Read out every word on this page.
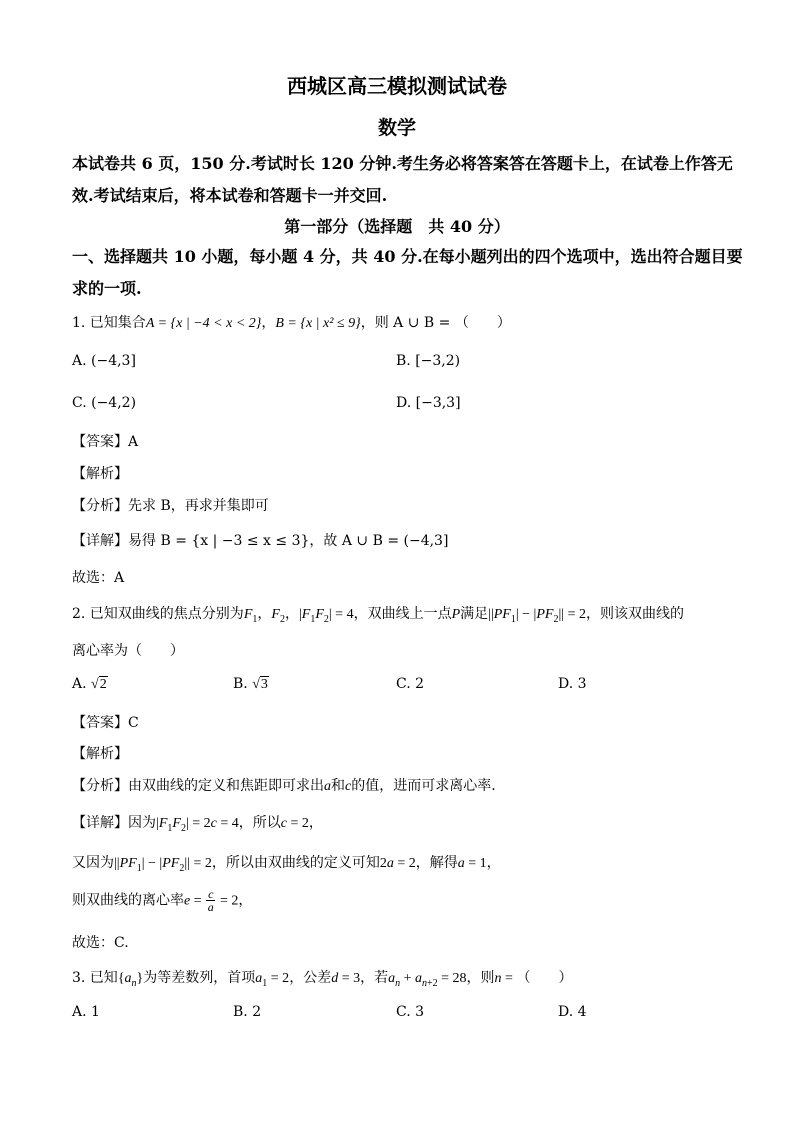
西城区高三模拟测试试卷
数学
本试卷共 6 页，150 分.考试时长 120 分钟.考生务必将答案答在答题卡上，在试卷上作答无
效.考试结束后，将本试卷和答题卡一并交回.
第一部分（选择题　共 40 分）
一、选择题共 10 小题，每小题 4 分，共 40 分.在每小题列出的四个选项中，选出符合题目要
求的一项.
1. 已知集合A = {x | −4 < x < 2}，B = {x | x² ≤ 9}，则 A ∪ B = （　　）
A. (−4,3]	B. [−3,2)
C. (−4,2)	D. [−3,3]
【答案】A
【解析】
【分析】先求 B，再求并集即可
【详解】易得 B = {x | −3 ≤ x ≤ 3}，故 A ∪ B = (−4,3]
故选：A
2. 已知双曲线的焦点分别为$F_1$，$F_2$，$|F_1F_2| = 4$，双曲线上一点P满足$||PF_1| - |PF_2|| = 2$，则该双曲线的
离心率为（　　）
A. √2	B. √3	C. 2	D. 3
【答案】C
【解析】
【分析】由双曲线的定义和焦距即可求出a和c的值，进而可求离心率.
【详解】因为$|F_1F_2| = 2c = 4$，所以c = 2，
又因为$||PF_1| - |PF_2|| = 2$，所以由双曲线的定义可知2a = 2，解得a = 1，
则双曲线的离心率$e = \frac{c}{a} = 2$，
故选：C.
3. 已知$\{a_n\}$为等差数列，首项$a_1 = 2$，公差d = 3，若$a_n + a_{n+2} = 28$，则n = （　　）
A. 1	B. 2	C. 3	D. 4
